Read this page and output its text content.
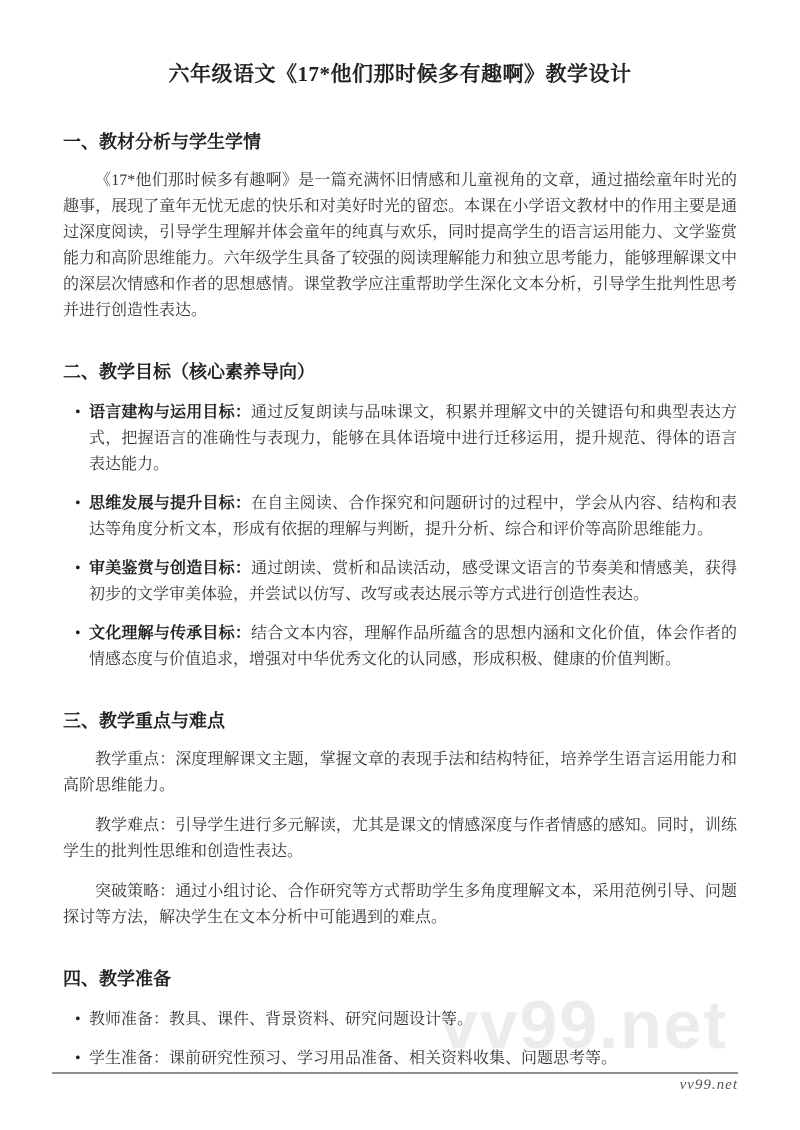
六年级语文《17*他们那时候多有趣啊》教学设计
一、教材分析与学生学情

《17*他们那时候多有趣啊》是一篇充满怀旧情感和儿童视角的文章，通过描绘童年时光的趣事，展现了童年无忧无虑的快乐和对美好时光的留恋。本课在小学语文教材中的作用主要是通过深度阅读，引导学生理解并体会童年的纯真与欢乐，同时提高学生的语言运用能力、文学鉴赏能力和高阶思维能力。六年级学生具备了较强的阅读理解能力和独立思考能力，能够理解课文中的深层次情感和作者的思想感情。课堂教学应注重帮助学生深化文本分析，引导学生批判性思考并进行创造性表达。

二、教学目标（核心素养导向）
• 语言建构与运用目标：通过反复朗读与品味课文，积累并理解文中的关键语句和典型表达方式，把握语言的准确性与表现力，能够在具体语境中进行迁移运用，提升规范、得体的语言表达能力。
• 思维发展与提升目标：在自主阅读、合作探究和问题研讨的过程中，学会从内容、结构和表达等角度分析文本，形成有依据的理解与判断，提升分析、综合和评价等高阶思维能力。
• 审美鉴赏与创造目标：通过朗读、赏析和品读活动，感受课文语言的节奏美和情感美，获得初步的文学审美体验，并尝试以仿写、改写或表达展示等方式进行创造性表达。
• 文化理解与传承目标：结合文本内容，理解作品所蕴含的思想内涵和文化价值，体会作者的情感态度与价值追求，增强对中华优秀文化的认同感，形成积极、健康的价值判断。
三、教学重点与难点

教学重点：深度理解课文主题，掌握文章的表现手法和结构特征，培养学生语言运用能力和高阶思维能力。

教学难点：引导学生进行多元解读，尤其是课文的情感深度与作者情感的感知。同时，训练学生的批判性思维和创造性表达。

突破策略：通过小组讨论、合作研究等方式帮助学生多角度理解文本，采用范例引导、问题探讨等方法，解决学生在文本分析中可能遇到的难点。

四、教学准备
• 教师准备：教具、课件、背景资料、研究问题设计等。
• 学生准备：课前研究性预习、学习用品准备、相关资料收集、问题思考等。
vv99.net
vv99.net
